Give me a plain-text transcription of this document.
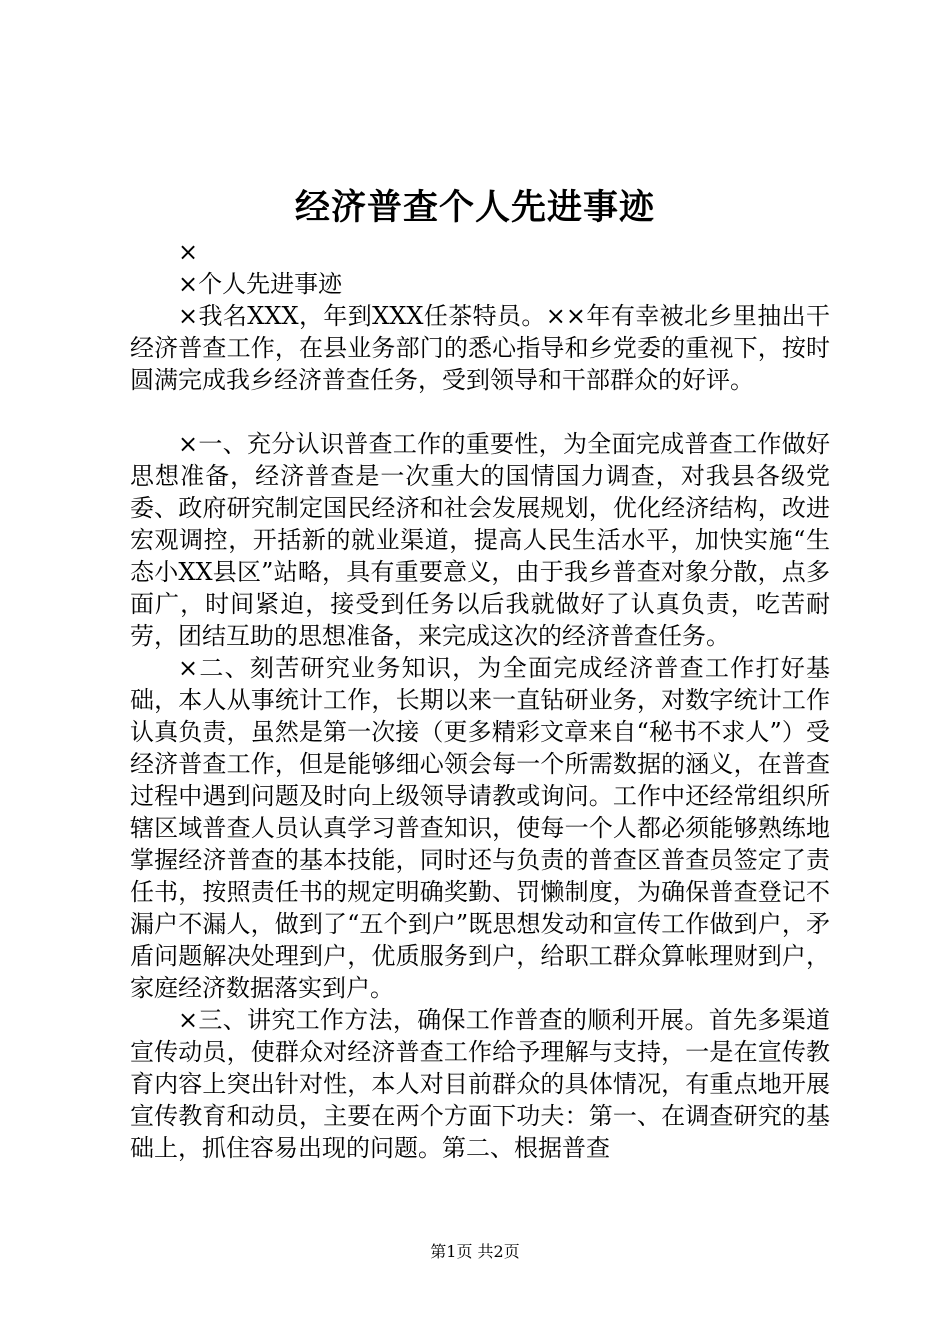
经济普查个人先进事迹

×

×个人先进事迹

×我名XXX，年到XXX任茶特员。××年有幸被北乡里抽出干经济普查工作，在县业务部门的悉心指导和乡党委的重视下，按时圆满完成我乡经济普查任务，受到领导和干部群众的好评。

×一、充分认识普查工作的重要性，为全面完成普查工作做好思想准备，经济普查是一次重大的国情国力调查，对我县各级党委、政府研究制定国民经济和社会发展规划，优化经济结构，改进宏观调控，开括新的就业渠道，提高人民生活水平，加快实施“生态小XX县区”站略，具有重要意义，由于我乡普查对象分散，点多面广，时间紧迫，接受到任务以后我就做好了认真负责，吃苦耐劳，团结互助的思想准备，来完成这次的经济普查任务。

×二、刻苦研究业务知识，为全面完成经济普查工作打好基础，本人从事统计工作，长期以来一直钻研业务，对数字统计工作认真负责，虽然是第一次接（更多精彩文章来自“秘书不求人”）受经济普查工作，但是能够细心领会每一个所需数据的涵义，在普查过程中遇到问题及时向上级领导请教或询问。工作中还经常组织所辖区域普查人员认真学习普查知识，使每一个人都必须能够熟练地掌握经济普查的基本技能，同时还与负责的普查区普查员签定了责任书，按照责任书的规定明确奖勤、罚懒制度，为确保普查登记不漏户不漏人，做到了“五个到户”既思想发动和宣传工作做到户，矛盾问题解决处理到户，优质服务到户，给职工群众算帐理财到户，家庭经济数据落实到户。

×三、讲究工作方法，确保工作普查的顺利开展。首先多渠道宣传动员，使群众对经济普查工作给予理解与支持，一是在宣传教育内容上突出针对性，本人对目前群众的具体情况，有重点地开展宣传教育和动员，主要在两个方面下功夫：第一、在调查研究的基础上，抓住容易出现的问题。第二、根据普查

第1页 共2页
